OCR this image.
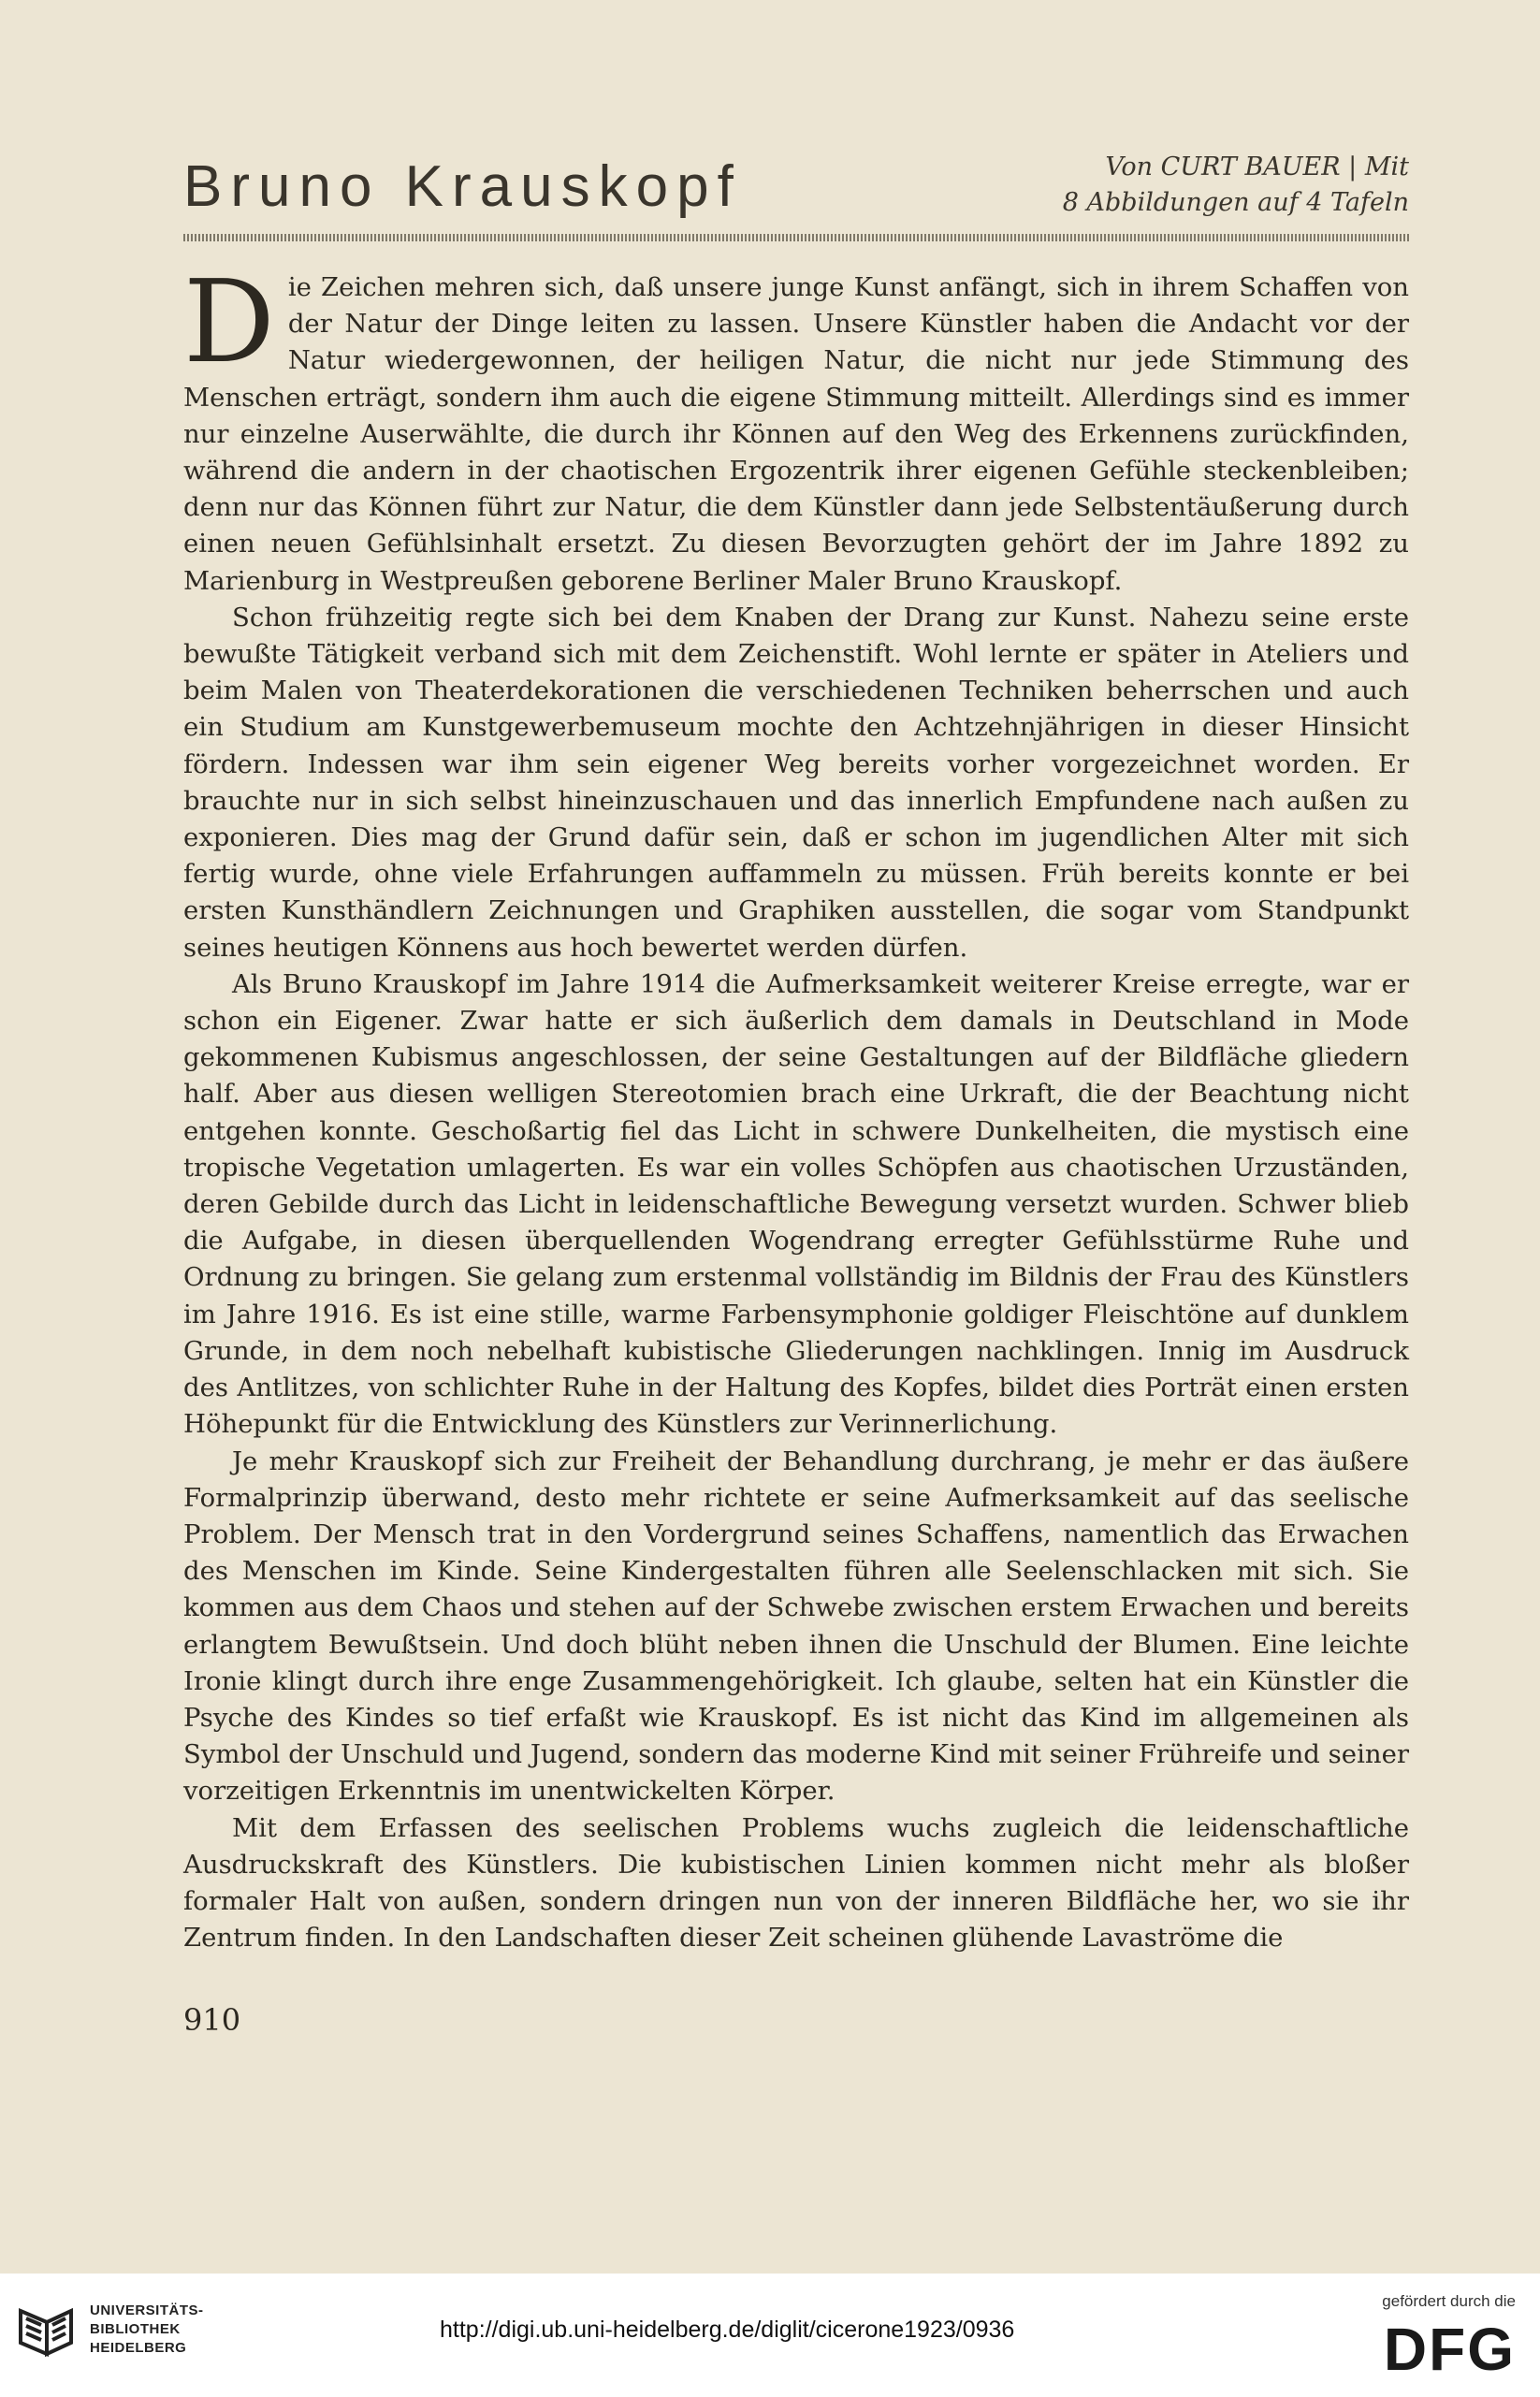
Bruno Krauskopf	Von CURT BAUER | Mit
8 Abbildungen auf 4 Tafeln

Die Zeichen mehren sich, daß unsere junge Kunst anfängt, sich in ihrem Schaffen von der Natur der Dinge leiten zu lassen. Unsere Künstler haben die Andacht vor der Natur wiedergewonnen, der heiligen Natur, die nicht nur jede Stimmung des Menschen erträgt, sondern ihm auch die eigene Stimmung mitteilt. Allerdings sind es immer nur einzelne Auserwählte, die durch ihr Können auf den Weg des Erkennens zurückfinden, während die andern in der chaotischen Ergozentrik ihrer eigenen Gefühle steckenbleiben; denn nur das Können führt zur Natur, die dem Künstler dann jede Selbstentäußerung durch einen neuen Gefühlsinhalt ersetzt. Zu diesen Bevorzugten gehört der im Jahre 1892 zu Marienburg in Westpreußen geborene Berliner Maler Bruno Krauskopf.

Schon frühzeitig regte sich bei dem Knaben der Drang zur Kunst. Nahezu seine erste bewußte Tätigkeit verband sich mit dem Zeichenstift. Wohl lernte er später in Ateliers und beim Malen von Theaterdekorationen die verschiedenen Techniken beherrschen und auch ein Studium am Kunstgewerbemuseum mochte den Achtzehnjährigen in dieser Hinsicht fördern. Indessen war ihm sein eigener Weg bereits vorher vorgezeichnet worden. Er brauchte nur in sich selbst hineinzuschauen und das innerlich Empfundene nach außen zu exponieren. Dies mag der Grund dafür sein, daß er schon im jugendlichen Alter mit sich fertig wurde, ohne viele Erfahrungen auffammeln zu müssen. Früh bereits konnte er bei ersten Kunsthändlern Zeichnungen und Graphiken ausstellen, die sogar vom Standpunkt seines heutigen Könnens aus hoch bewertet werden dürfen.

Als Bruno Krauskopf im Jahre 1914 die Aufmerksamkeit weiterer Kreise erregte, war er schon ein Eigener. Zwar hatte er sich äußerlich dem damals in Deutschland in Mode gekommenen Kubismus angeschlossen, der seine Gestaltungen auf der Bildfläche gliedern half. Aber aus diesen welligen Stereotomien brach eine Urkraft, die der Beachtung nicht entgehen konnte. Geschoßartig fiel das Licht in schwere Dunkelheiten, die mystisch eine tropische Vegetation umlagerten. Es war ein volles Schöpfen aus chaotischen Urzuständen, deren Gebilde durch das Licht in leidenschaftliche Bewegung versetzt wurden. Schwer blieb die Aufgabe, in diesen überquellenden Wogendrang erregter Gefühlsstürme Ruhe und Ordnung zu bringen. Sie gelang zum erstenmal vollständig im Bildnis der Frau des Künstlers im Jahre 1916. Es ist eine stille, warme Farbensymphonie goldiger Fleischtöne auf dunklem Grunde, in dem noch nebelhaft kubistische Gliederungen nachklingen. Innig im Ausdruck des Antlitzes, von schlichter Ruhe in der Haltung des Kopfes, bildet dies Porträt einen ersten Höhepunkt für die Entwicklung des Künstlers zur Verinnerlichung.

Je mehr Krauskopf sich zur Freiheit der Behandlung durchrang, je mehr er das äußere Formalprinzip überwand, desto mehr richtete er seine Aufmerksamkeit auf das seelische Problem. Der Mensch trat in den Vordergrund seines Schaffens, namentlich das Erwachen des Menschen im Kinde. Seine Kindergestalten führen alle Seelenschlacken mit sich. Sie kommen aus dem Chaos und stehen auf der Schwebe zwischen erstem Erwachen und bereits erlangtem Bewußtsein. Und doch blüht neben ihnen die Unschuld der Blumen. Eine leichte Ironie klingt durch ihre enge Zusammengehörigkeit. Ich glaube, selten hat ein Künstler die Psyche des Kindes so tief erfaßt wie Krauskopf. Es ist nicht das Kind im allgemeinen als Symbol der Unschuld und Jugend, sondern das moderne Kind mit seiner Frühreife und seiner vorzeitigen Erkenntnis im unentwickelten Körper.

Mit dem Erfassen des seelischen Problems wuchs zugleich die leidenschaftliche Ausdruckskraft des Künstlers. Die kubistischen Linien kommen nicht mehr als bloßer formaler Halt von außen, sondern dringen nun von der inneren Bildfläche her, wo sie ihr Zentrum finden. In den Landschaften dieser Zeit scheinen glühende Lavaströme die

910
UNIVERSITÄTS-
BIBLIOTHEK
HEIDELBERG
http://digi.ub.uni-heidelberg.de/diglit/cicerone1923/0936
gefördert durch die
DFG
